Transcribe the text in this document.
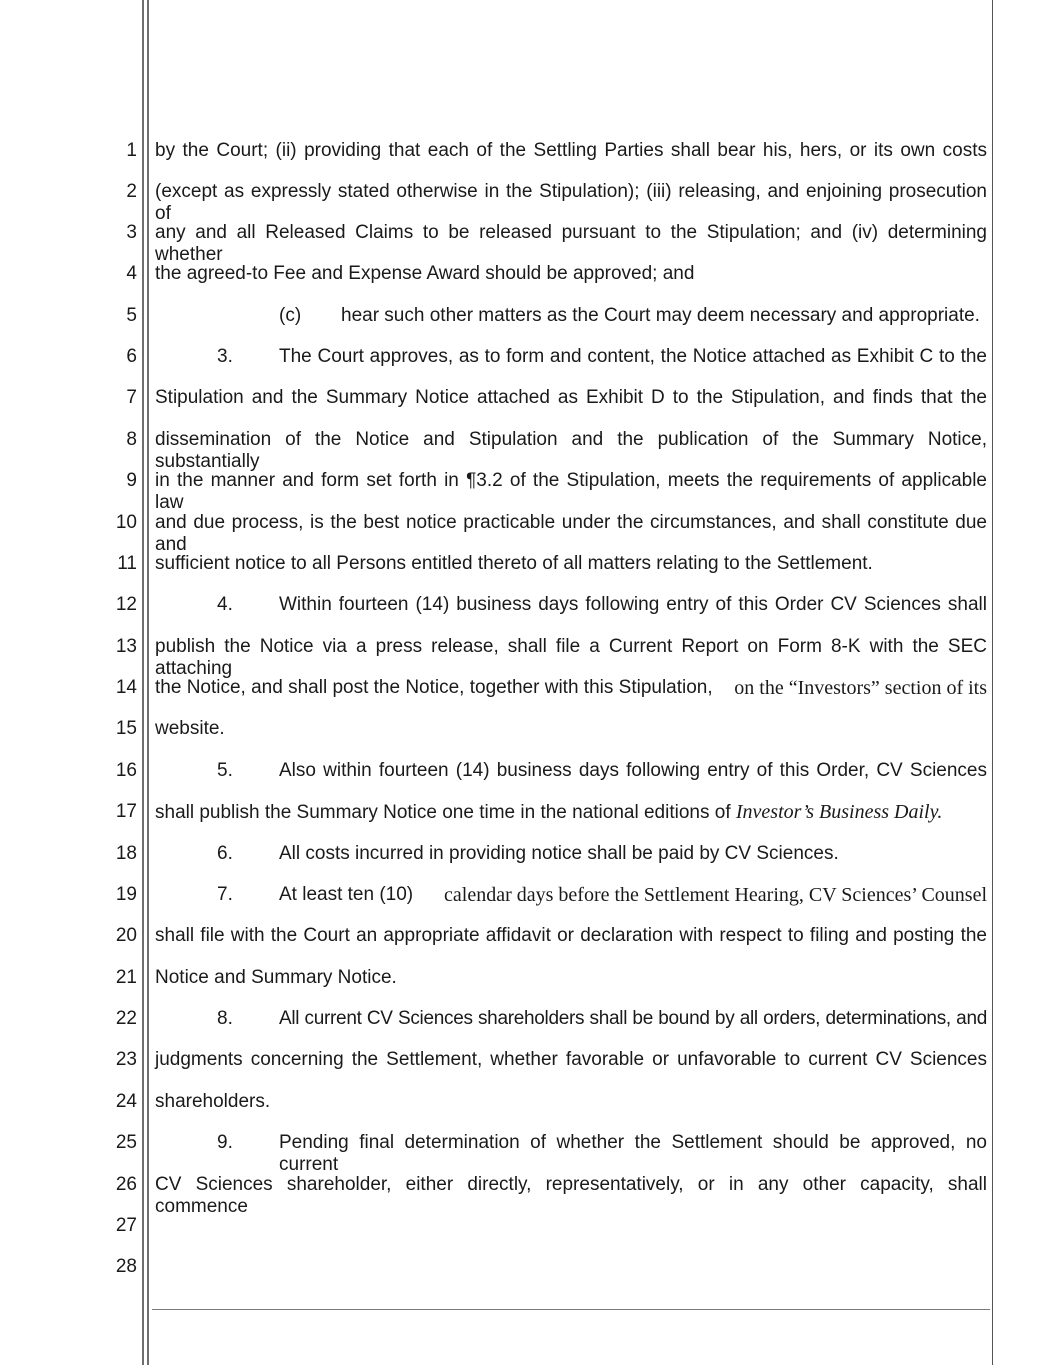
1
2
3
4
5
6
7
8
9
10
11
12
13
14
15
16
17
18
19
20
21
22
23
24
25
26
27
28
by the Court; (ii) providing that each of the Settling Parties shall bear his, hers, or its own costs
(except as expressly stated otherwise in the Stipulation); (iii) releasing, and enjoining prosecution of
any and all Released Claims to be released pursuant to the Stipulation; and (iv) determining whether
the agreed-to Fee and Expense Award should be approved; and
(c) hear such other matters as the Court may deem necessary and appropriate.
3. The Court approves, as to form and content, the Notice attached as Exhibit C to the
Stipulation and the Summary Notice attached as Exhibit D to the Stipulation, and finds that the
dissemination of the Notice and Stipulation and the publication of the Summary Notice, substantially
in the manner and form set forth in ¶3.2 of the Stipulation, meets the requirements of applicable law
and due process, is the best notice practicable under the circumstances, and shall constitute due and
sufficient notice to all Persons entitled thereto of all matters relating to the Settlement.
4. Within fourteen (14) business days following entry of this Order CV Sciences shall
publish the Notice via a press release, shall file a Current Report on Form 8-K with the SEC attaching
the Notice, and shall post the Notice, together with this Stipulation, on the “Investors” section of its
website.
5. Also within fourteen (14) business days following entry of this Order, CV Sciences
shall publish the Summary Notice one time in the national editions of Investor’s Business Daily.
6. All costs incurred in providing notice shall be paid by CV Sciences.
7. At least ten (10) calendar days before the Settlement Hearing, CV Sciences’ Counsel
shall file with the Court an appropriate affidavit or declaration with respect to filing and posting the
Notice and Summary Notice.
8. All current CV Sciences shareholders shall be bound by all orders, determinations, and
judgments concerning the Settlement, whether favorable or unfavorable to current CV Sciences
shareholders.
9. Pending final determination of whether the Settlement should be approved, no current
CV Sciences shareholder, either directly, representatively, or in any other capacity, shall commence
